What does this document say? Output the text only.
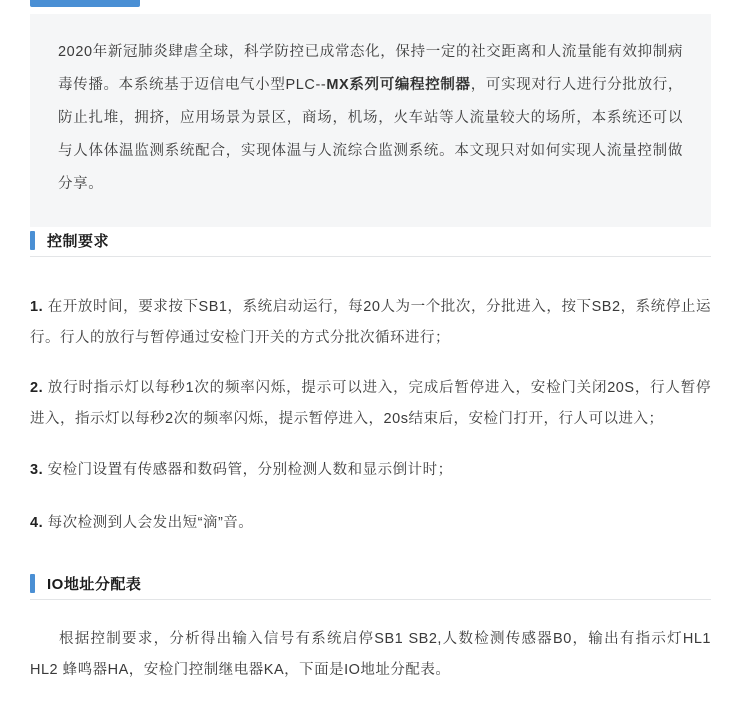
2020年新冠肺炎肆虐全球，科学防控已成常态化，保持一定的社交距离和人流量能有效抑制病毒传播。本系统基于迈信电气小型PLC--MX系列可编程控制器，可实现对行人进行分批放行，防止扎堆，拥挤，应用场景为景区，商场，机场，火车站等人流量较大的场所，本系统还可以与人体体温监测系统配合，实现体温与人流综合监测系统。本文现只对如何实现人流量控制做分享。

控制要求
1. 在开放时间，要求按下SB1，系统启动运行，每20人为一个批次，分批进入，按下SB2，系统停止运行。行人的放行与暂停通过安检门开关的方式分批次循环进行；
2. 放行时指示灯以每秒1次的频率闪烁，提示可以进入，完成后暂停进入，安检门关闭20S，行人暂停进入，指示灯以每秒2次的频率闪烁，提示暂停进入，20s结束后，安检门打开，行人可以进入；
3. 安检门设置有传感器和数码管，分别检测人数和显示倒计时；
4. 每次检测到人会发出短“滴”音。
IO地址分配表
根据控制要求，分析得出输入信号有系统启停SB1 SB2,人数检测传感器B0，输出有指示灯HL1 HL2 蜂鸣器HA，安检门控制继电器KA，下面是IO地址分配表。
